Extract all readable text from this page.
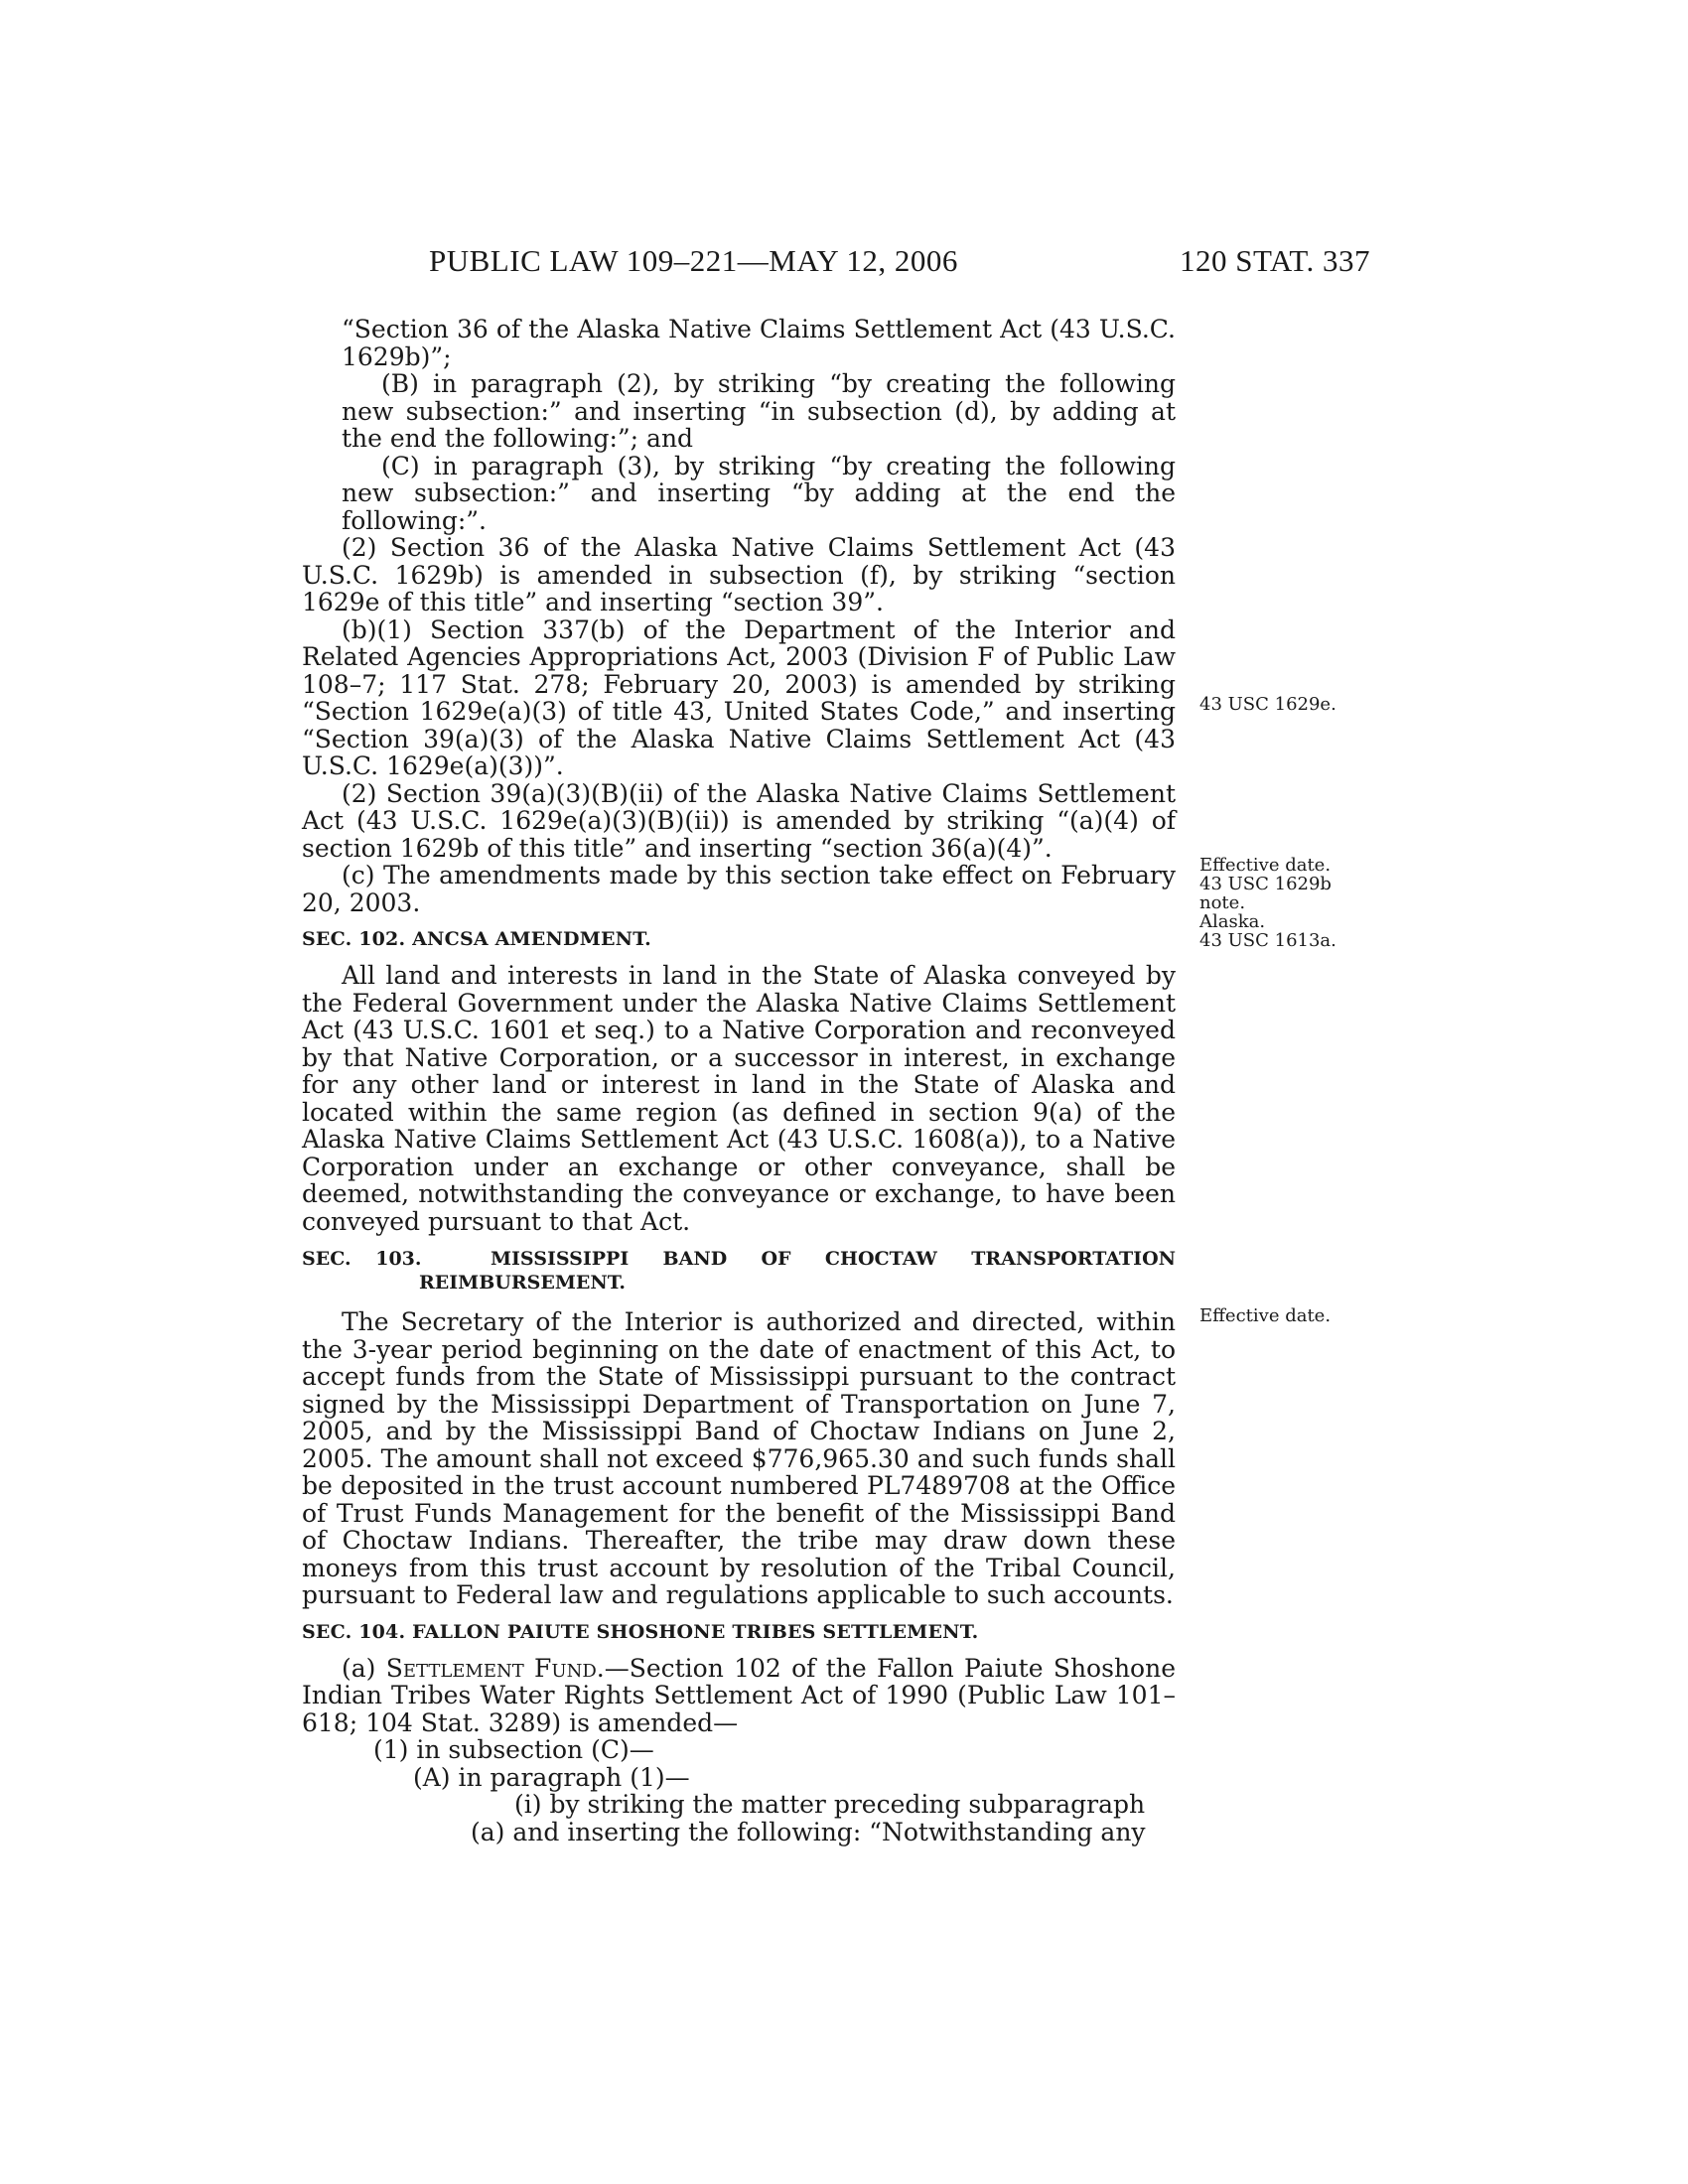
PUBLIC LAW 109–221—MAY 12, 2006	120 STAT. 337

“Section 36 of the Alaska Native Claims Settlement Act (43 U.S.C. 1629b)”;

(B) in paragraph (2), by striking “by creating the following new subsection:” and inserting “in subsection (d), by adding at the end the following:”; and

(C) in paragraph (3), by striking “by creating the following new subsection:” and inserting “by adding at the end the following:”.

(2) Section 36 of the Alaska Native Claims Settlement Act (43 U.S.C. 1629b) is amended in subsection (f), by striking “section 1629e of this title” and inserting “section 39”.

(b)(1) Section 337(b) of the Department of the Interior and Related Agencies Appropriations Act, 2003 (Division F of Public Law 108–7; 117 Stat. 278; February 20, 2003) is amended by striking “Section 1629e(a)(3) of title 43, United States Code,” and inserting “Section 39(a)(3) of the Alaska Native Claims Settlement Act (43 U.S.C. 1629e(a)(3))”.

(2) Section 39(a)(3)(B)(ii) of the Alaska Native Claims Settlement Act (43 U.S.C. 1629e(a)(3)(B)(ii)) is amended by striking “(a)(4) of section 1629b of this title” and inserting “section 36(a)(4)”.

(c) The amendments made by this section take effect on February 20, 2003.

SEC. 102. ANCSA AMENDMENT.

All land and interests in land in the State of Alaska conveyed by the Federal Government under the Alaska Native Claims Settlement Act (43 U.S.C. 1601 et seq.) to a Native Corporation and reconveyed by that Native Corporation, or a successor in interest, in exchange for any other land or interest in land in the State of Alaska and located within the same region (as defined in section 9(a) of the Alaska Native Claims Settlement Act (43 U.S.C. 1608(a)), to a Native Corporation under an exchange or other conveyance, shall be deemed, notwithstanding the conveyance or exchange, to have been conveyed pursuant to that Act.

SEC. 103.	MISSISSIPPI BAND OF CHOCTAW TRANSPORTATION
REIMBURSEMENT.

The Secretary of the Interior is authorized and directed, within the 3-year period beginning on the date of enactment of this Act, to accept funds from the State of Mississippi pursuant to the contract signed by the Mississippi Department of Transportation on June 7, 2005, and by the Mississippi Band of Choctaw Indians on June 2, 2005. The amount shall not exceed $776,965.30 and such funds shall be deposited in the trust account numbered PL7489708 at the Office of Trust Funds Management for the benefit of the Mississippi Band of Choctaw Indians. Thereafter, the tribe may draw down these moneys from this trust account by resolution of the Tribal Council, pursuant to Federal law and regulations applicable to such accounts.

SEC. 104. FALLON PAIUTE SHOSHONE TRIBES SETTLEMENT.

(a) Settlement Fund.—Section 102 of the Fallon Paiute Shoshone Indian Tribes Water Rights Settlement Act of 1990 (Public Law 101–618; 104 Stat. 3289) is amended—

(1) in subsection (C)—

(A) in paragraph (1)—

(i) by striking the matter preceding subparagraph

(a) and inserting the following: “Notwithstanding any

43 USC 1629e.
Effective date.
43 USC 1629b
note.
Alaska.
43 USC 1613a.
Effective date.
